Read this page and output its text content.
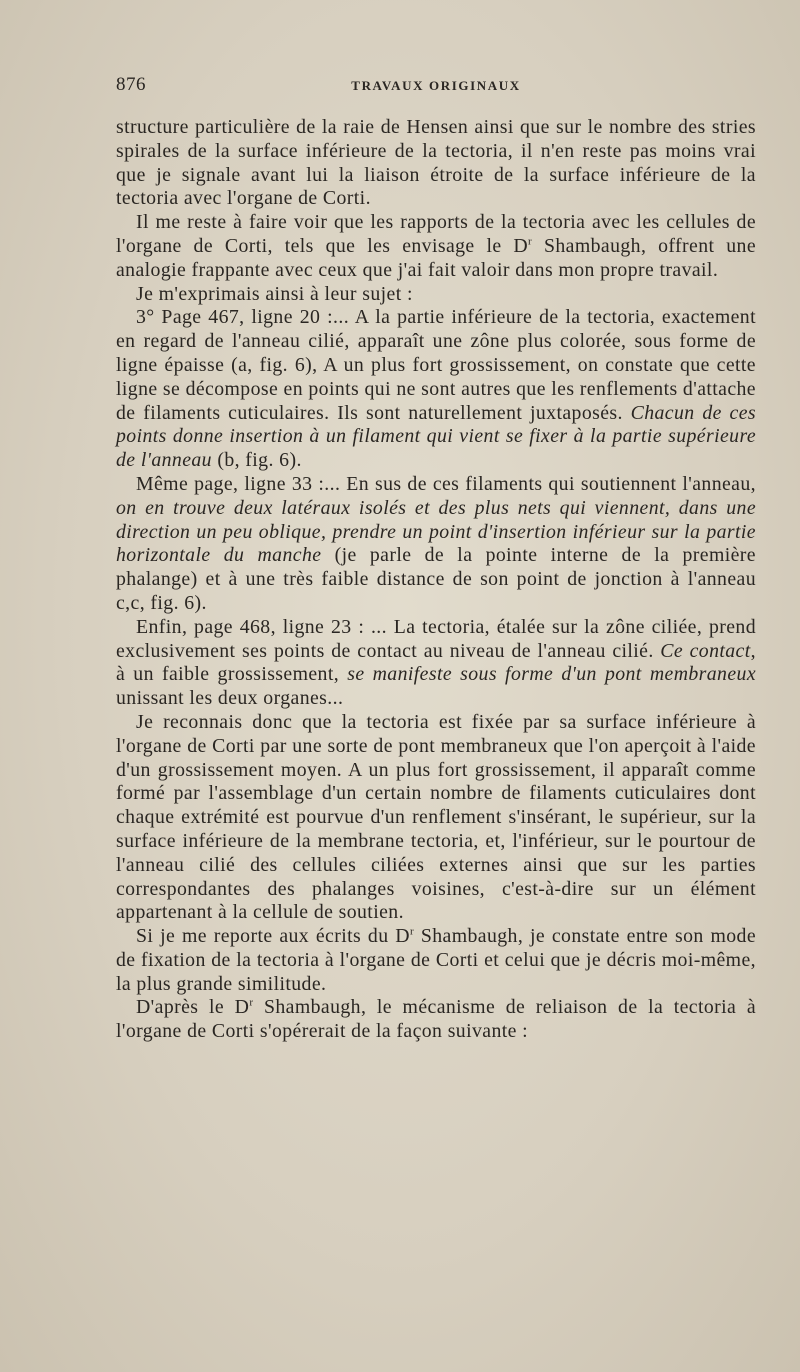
876	TRAVAUX ORIGINAUX

structure particulière de la raie de Hensen ainsi que sur le nombre des stries spirales de la surface inférieure de la tectoria, il n'en reste pas moins vrai que je signale avant lui la liaison étroite de la surface inférieure de la tectoria avec l'organe de Corti.

Il me reste à faire voir que les rapports de la tectoria avec les cellules de l'organe de Corti, tels que les envisage le $D^r$ Shambaugh, offrent une analogie frappante avec ceux que j'ai fait valoir dans mon propre travail.

Je m'exprimais ainsi à leur sujet :

3° Page 467, ligne 20 :... A la partie inférieure de la tectoria, exactement en regard de l'anneau cilié, apparaît une zône plus colorée, sous forme de ligne épaisse (a, fig. 6), A un plus fort grossissement, on constate que cette ligne se décompose en points qui ne sont autres que les renflements d'attache de filaments cuticulaires. Ils sont naturellement juxtaposés. Chacun de ces points donne insertion à un filament qui vient se fixer à la partie supérieure de l'anneau (b, fig. 6).

Même page, ligne 33 :... En sus de ces filaments qui soutiennent l'anneau, on en trouve deux latéraux isolés et des plus nets qui viennent, dans une direction un peu oblique, prendre un point d'insertion inférieur sur la partie horizontale du manche (je parle de la pointe interne de la première phalange) et à une très faible distance de son point de jonction à l'anneau c,c, fig. 6).

Enfin, page 468, ligne 23 : ... La tectoria, étalée sur la zône ciliée, prend exclusivement ses points de contact au niveau de l'anneau cilié. Ce contact, à un faible grossissement, se manifeste sous forme d'un pont membraneux unissant les deux organes...

Je reconnais donc que la tectoria est fixée par sa surface inférieure à l'organe de Corti par une sorte de pont membraneux que l'on aperçoit à l'aide d'un grossissement moyen. A un plus fort grossissement, il apparaît comme formé par l'assemblage d'un certain nombre de filaments cuticulaires dont chaque extrémité est pourvue d'un renflement s'insérant, le supérieur, sur la surface inférieure de la membrane tectoria, et, l'inférieur, sur le pourtour de l'anneau cilié des cellules ciliées externes ainsi que sur les parties correspondantes des phalanges voisines, c'est-à-dire sur un élément appartenant à la cellule de soutien.

Si je me reporte aux écrits du $D^r$ Shambaugh, je constate entre son mode de fixation de la tectoria à l'organe de Corti et celui que je décris moi-même, la plus grande similitude.

D'après le $D^r$ Shambaugh, le mécanisme de reliaison de la tectoria à l'organe de Corti s'opérerait de la façon suivante :
